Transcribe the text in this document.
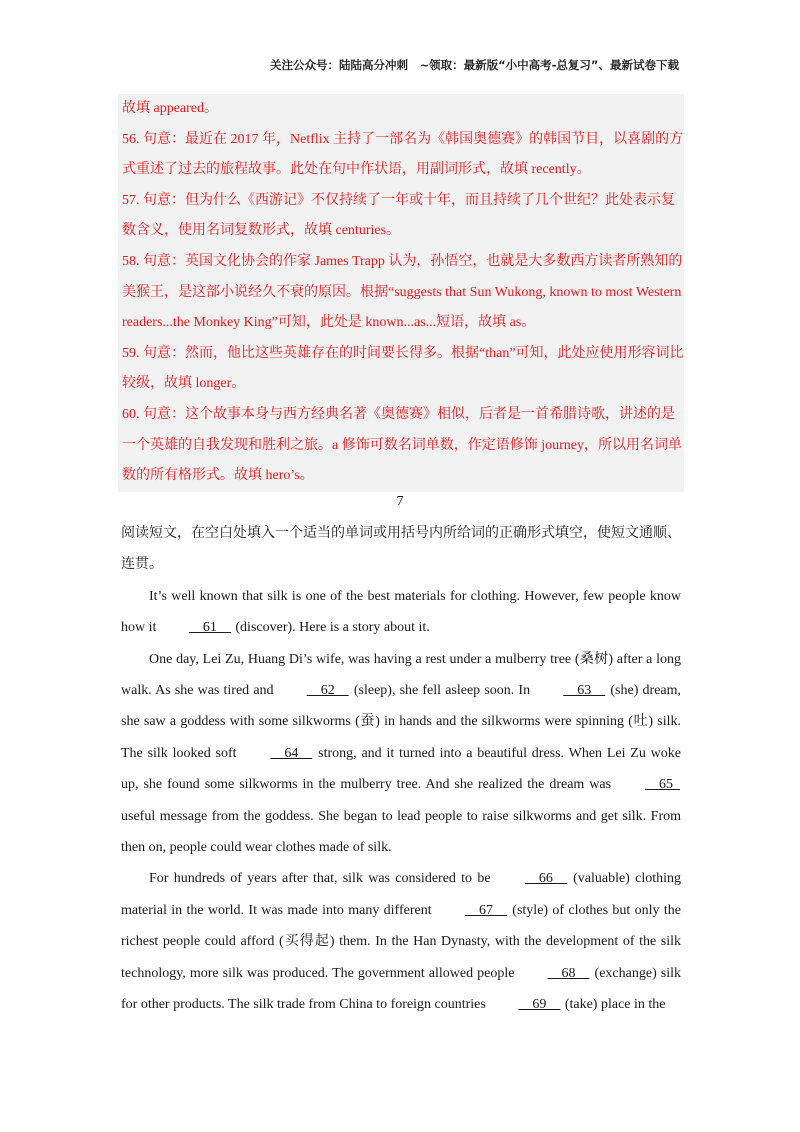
关注公众号：陆陆高分冲刺　~领取：最新版“小中高考-总复习”、最新试卷下载

故填 appeared。

56. 句意：最近在 2017 年，Netflix 主持了一部名为《韩国奥德赛》的韩国节目，以喜剧的方式重述了过去的旅程故事。此处在句中作状语，用副词形式，故填 recently。

57. 句意：但为什么《西游记》不仅持续了一年或十年，而且持续了几个世纪？此处表示复数含义，使用名词复数形式，故填 centuries。

58. 句意：英国文化协会的作家 James Trapp 认为，孙悟空，也就是大多数西方读者所熟知的美猴王，是这部小说经久不衰的原因。根据“suggests that Sun Wukong, known to most Western readers...the Monkey King”可知，此处是 known...as...短语，故填 as。

59. 句意：然而，他比这些英雄存在的时间要长得多。根据“than”可知，此处应使用形容词比较级，故填 longer。

60. 句意：这个故事本身与西方经典名著《奥德赛》相似，后者是一首希腊诗歌，讲述的是一个英雄的自我发现和胜利之旅。a 修饰可数名词单数，作定语修饰 journey，所以用名词单数的所有格形式。故填 hero’s。

7

阅读短文，在空白处填入一个适当的单词或用括号内所给词的正确形式填空，使短文通顺、连贯。

It’s well known that silk is one of the best materials for clothing. However, few people know how it     61     (discover). Here is a story about it.

One day, Lei Zu, Huang Di’s wife, was having a rest under a mulberry tree (桑树) after a long walk. As she was tired and     62     (sleep), she fell asleep soon. In     63     (she) dream, she saw a goddess with some silkworms (蚕) in hands and the silkworms were spinning (吐) silk. The silk looked soft     64     strong, and it turned into a beautiful dress. When Lei Zu woke up, she found some silkworms in the mulberry tree. And she realized the dream was     65   useful message from the goddess. She began to lead people to raise silkworms and get silk. From then on, people could wear clothes made of silk.

For hundreds of years after that, silk was considered to be     66     (valuable) clothing material in the world. It was made into many different     67     (style) of clothes but only the richest people could afford (买得起) them. In the Han Dynasty, with the development of the silk technology, more silk was produced. The government allowed people     68     (exchange) silk for other products. The silk trade from China to foreign countries     69     (take) place in the
